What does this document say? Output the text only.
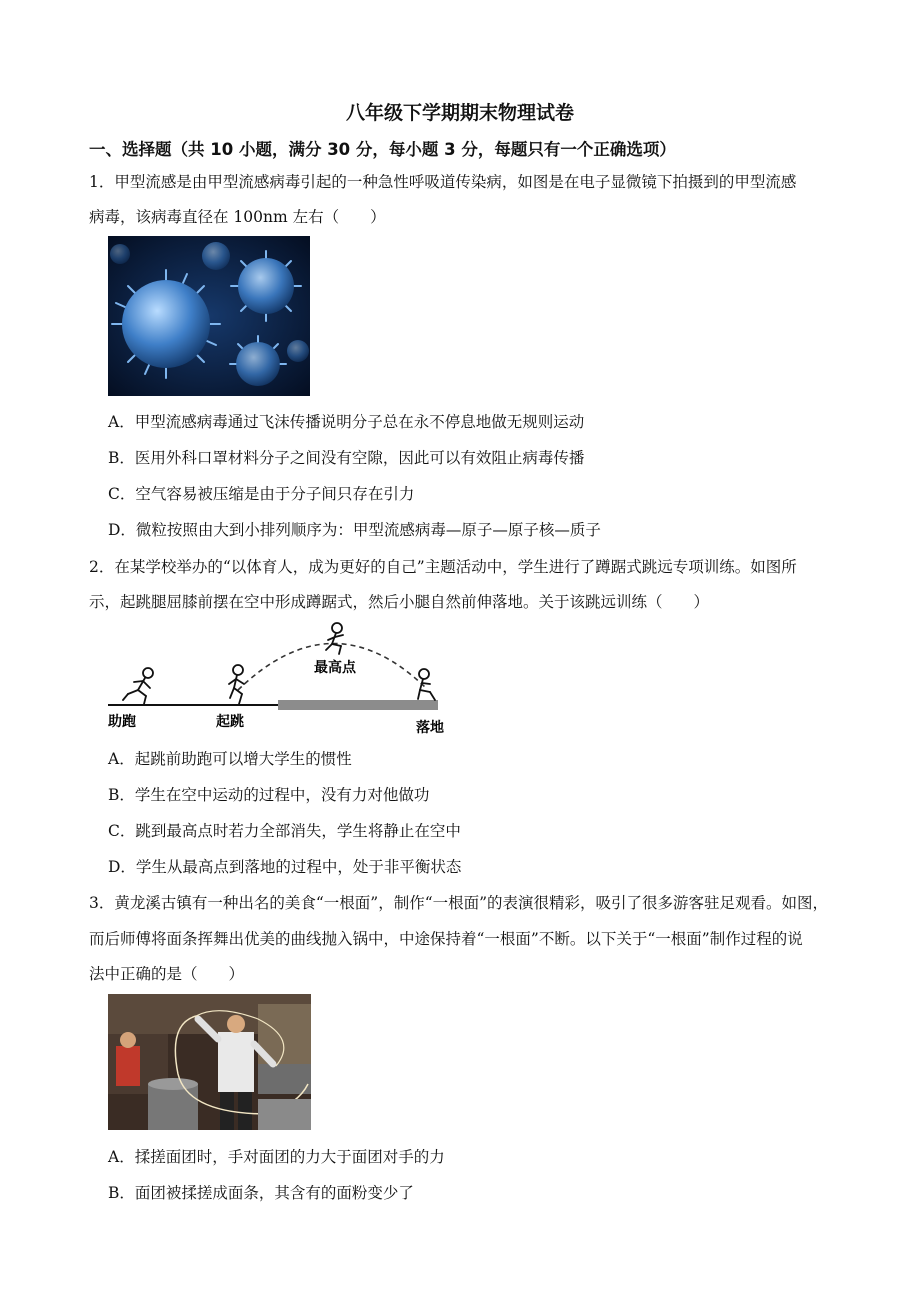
八年级下学期期末物理试卷
一、选择题（共 10 小题，满分 30 分，每小题 3 分，每题只有一个正确选项）
1．甲型流感是由甲型流感病毒引起的一种急性呼吸道传染病，如图是在电子显微镜下拍摄到的甲型流感
病毒，该病毒直径在 100nm 左右（　　）
A．甲型流感病毒通过飞沫传播说明分子总在永不停息地做无规则运动
B．医用外科口罩材料分子之间没有空隙，因此可以有效阻止病毒传播
C．空气容易被压缩是由于分子间只存在引力
D．微粒按照由大到小排列顺序为：甲型流感病毒—原子—原子核—质子
2．在某学校举办的“以体育人，成为更好的自己”主题活动中，学生进行了蹲踞式跳远专项训练。如图所
示，起跳腿屈膝前摆在空中形成蹲踞式，然后小腿自然前伸落地。关于该跳远训练（　　）
助跑	起跳
最高点
落地
A．起跳前助跑可以增大学生的惯性
B．学生在空中运动的过程中，没有力对他做功
C．跳到最高点时若力全部消失，学生将静止在空中
D．学生从最高点到落地的过程中，处于非平衡状态
3．黄龙溪古镇有一种出名的美食“一根面”，制作“一根面”的表演很精彩，吸引了很多游客驻足观看。如图，
而后师傅将面条挥舞出优美的曲线抛入锅中，中途保持着“一根面”不断。以下关于“一根面”制作过程的说
法中正确的是（　　）
A．揉搓面团时，手对面团的力大于面团对手的力
B．面团被揉搓成面条，其含有的面粉变少了
